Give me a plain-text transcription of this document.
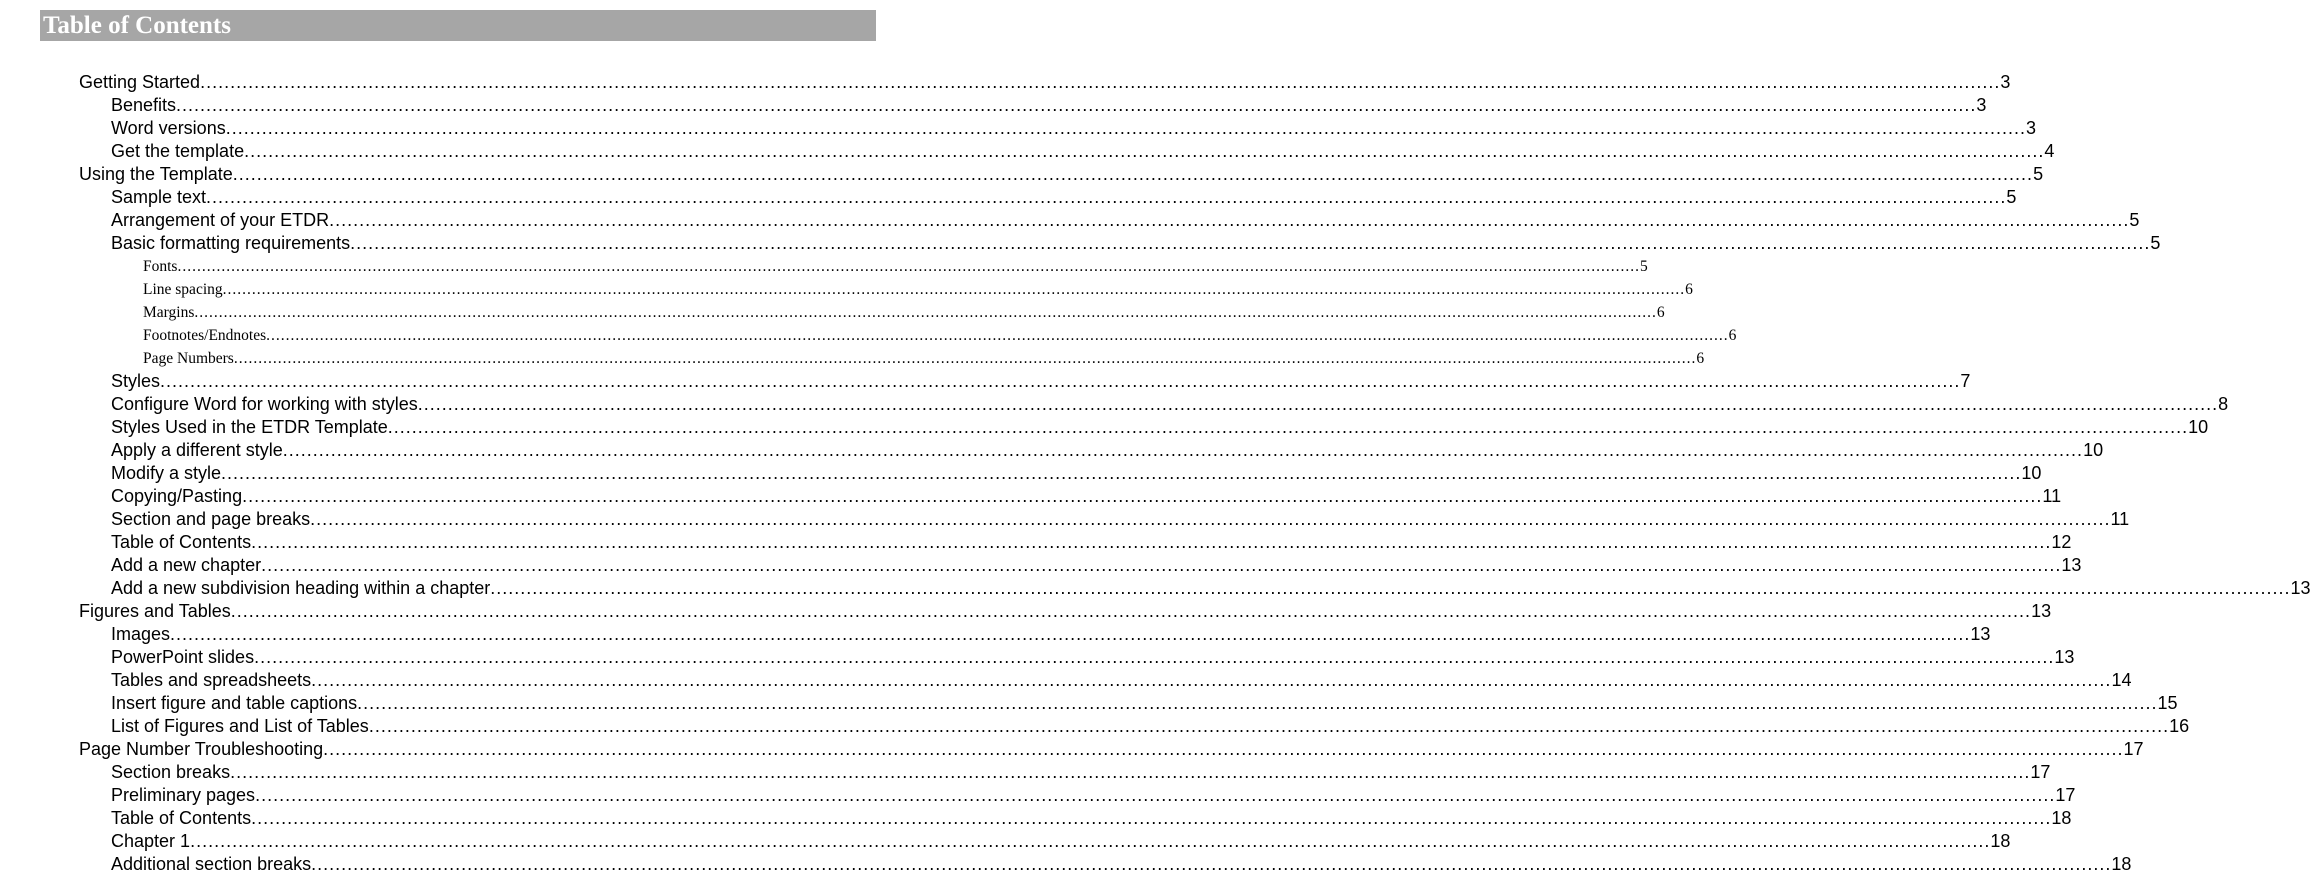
Table of Contents
Getting Started ............................................................................................................................................................................................................................................................................................................ 3
Benefits ............................................................................................................................................................................................................................................................................................................ 3
Word versions ............................................................................................................................................................................................................................................................................................................ 3
Get the template ............................................................................................................................................................................................................................................................................................................ 4
Using the Template ............................................................................................................................................................................................................................................................................................................ 5
Sample text ............................................................................................................................................................................................................................................................................................................ 5
Arrangement of your ETDR ............................................................................................................................................................................................................................................................................................................ 5
Basic formatting requirements ............................................................................................................................................................................................................................................................................................................ 5
Fonts ............................................................................................................................................................................................................................................................................................................ 5
Line spacing ............................................................................................................................................................................................................................................................................................................ 6
Margins ............................................................................................................................................................................................................................................................................................................ 6
Footnotes/Endnotes ............................................................................................................................................................................................................................................................................................................ 6
Page Numbers ............................................................................................................................................................................................................................................................................................................ 6
Styles ............................................................................................................................................................................................................................................................................................................ 7
Configure Word for working with styles ............................................................................................................................................................................................................................................................................................................ 8
Styles Used in the ETDR Template ............................................................................................................................................................................................................................................................................................................ 10
Apply a different style ............................................................................................................................................................................................................................................................................................................ 10
Modify a style ............................................................................................................................................................................................................................................................................................................ 10
Copying/Pasting ............................................................................................................................................................................................................................................................................................................ 11
Section and page breaks ............................................................................................................................................................................................................................................................................................................ 11
Table of Contents ............................................................................................................................................................................................................................................................................................................ 12
Add a new chapter ............................................................................................................................................................................................................................................................................................................ 13
Add a new subdivision heading within a chapter ............................................................................................................................................................................................................................................................................................................ 13
Figures and Tables ............................................................................................................................................................................................................................................................................................................ 13
Images ............................................................................................................................................................................................................................................................................................................ 13
PowerPoint slides ............................................................................................................................................................................................................................................................................................................ 13
Tables and spreadsheets ............................................................................................................................................................................................................................................................................................................ 14
Insert figure and table captions ............................................................................................................................................................................................................................................................................................................ 15
List of Figures and List of Tables ............................................................................................................................................................................................................................................................................................................ 16
Page Number Troubleshooting ............................................................................................................................................................................................................................................................................................................ 17
Section breaks ............................................................................................................................................................................................................................................................................................................ 17
Preliminary pages ............................................................................................................................................................................................................................................................................................................ 17
Table of Contents ............................................................................................................................................................................................................................................................................................................ 18
Chapter 1 ............................................................................................................................................................................................................................................................................................................ 18
Additional section breaks ............................................................................................................................................................................................................................................................................................................ 18
